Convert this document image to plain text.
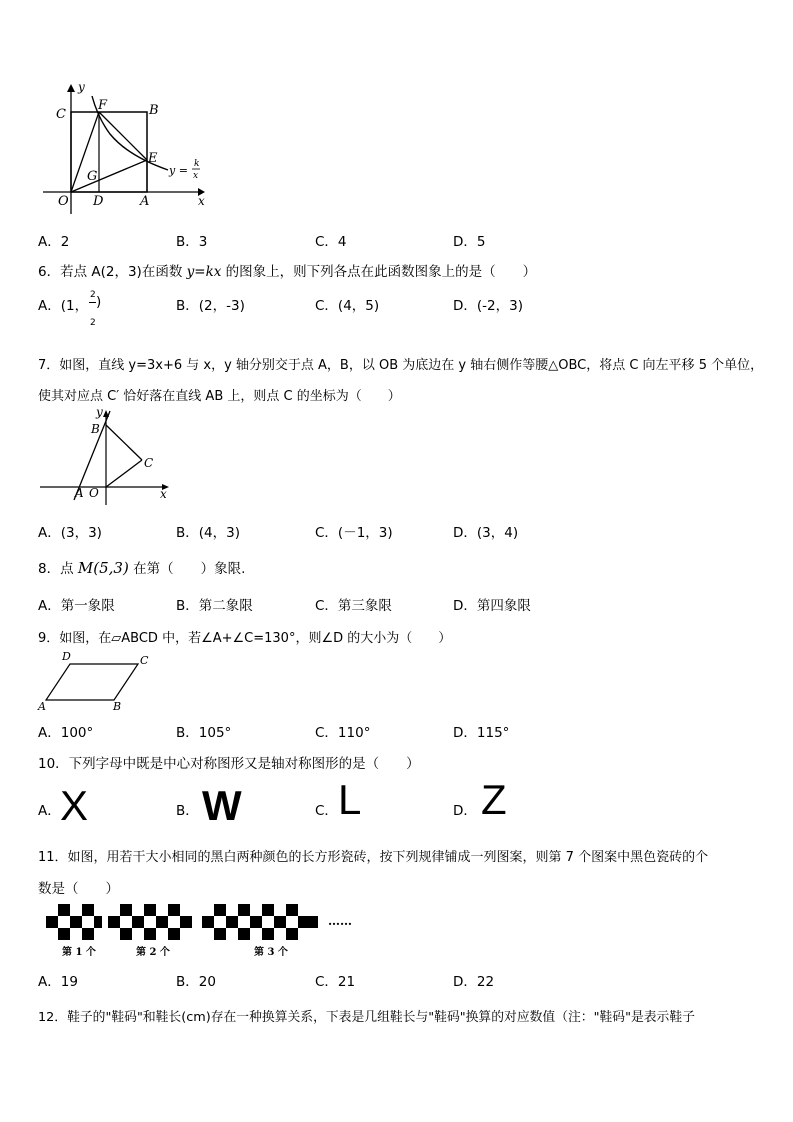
y
C
F	B
G
E
y = k
x
O D	A	x
A．2	B．3	C．4	D．5
6．若点 A(2，3)在函数 y=kx 的图象上，则下列各点在此函数图象上的是（　　）
A．(1，
2
2
)	B．(2，-3)	C．(4，5)	D．(-2，3)
7．如图，直线 y=3x+6 与 x，y 轴分别交于点 A，B，以 OB 为底边在 y 轴右侧作等腰△OBC，将点 C 向左平移 5 个单位，
使其对应点 C′ 恰好落在直线 AB 上，则点 C 的坐标为（　　）
y
B
C
A O	x
A．(3，3)	B．(4，3)	C．(－1，3)	D．(3，4)
8．点 M(5,3) 在第（　　）象限.
A．第一象限	B．第二象限	C．第三象限	D．第四象限
9．如图，在▱ABCD 中，若∠A+∠C=130°，则∠D 的大小为（　　）
D	C
A	B
A．100°	B．105°	C．110°	D．115°
10．下列字母中既是中心对称图形又是轴对称图形的是（　　）
A． X	B． W	C． L	D． Z
11．如图，用若干大小相同的黑白两种颜色的长方形瓷砖，按下列规律铺成一列图案，则第 7 个图案中黑色瓷砖的个
数是（　　）
……
第 1 个	第 2 个	第 3 个
A．19	B．20	C．21	D．22
12．鞋子的"鞋码"和鞋长(cm)存在一种换算关系，下表是几组鞋长与"鞋码"换算的对应数值（注："鞋码"是表示鞋子
